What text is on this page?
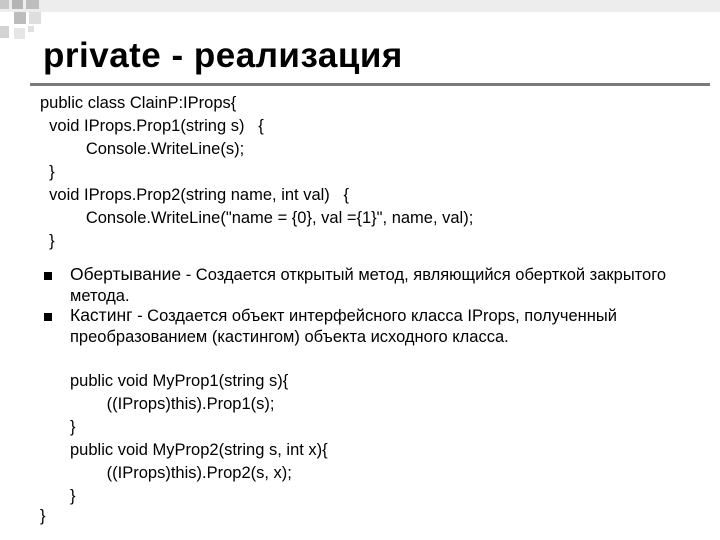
private - реализация

public class ClainP:IProps{

void IProps.Prop1(string s)   {

Console.WriteLine(s);

}

void IProps.Prop2(string name, int val)   {

Console.WriteLine("name = {0}, val ={1}", name, val);

}

Обертывание - Создается открытый метод, являющийся оберткой закрытого метода.
Кастинг - Создается объект интерфейсного класса IProps, полученный преобразованием (кастингом) объекта исходного класса.

public void MyProp1(string s){

((IProps)this).Prop1(s);

}

public void MyProp2(string s, int x){

((IProps)this).Prop2(s, x);

}

}
